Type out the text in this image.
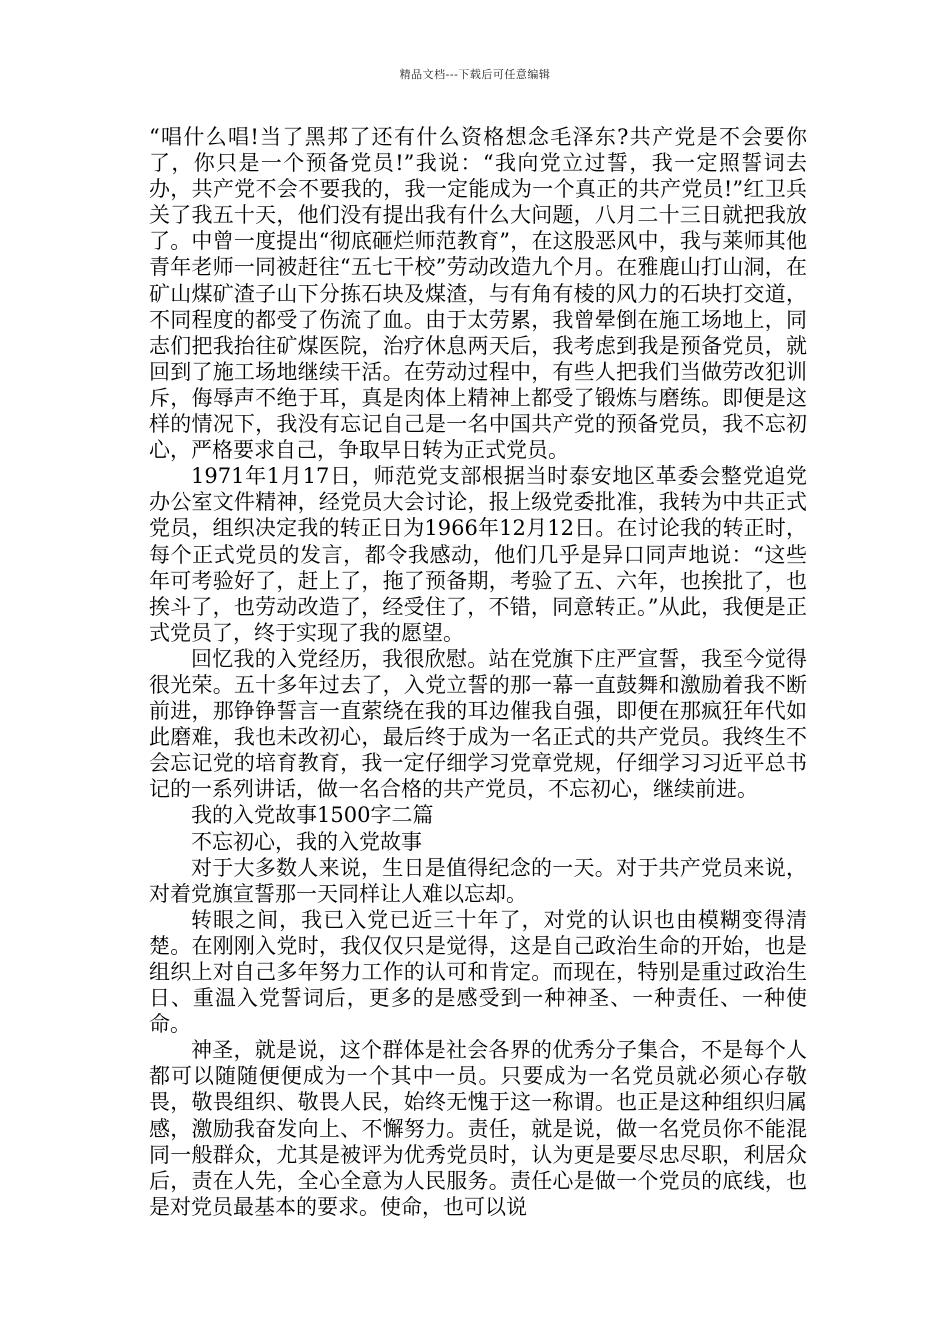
精品文档---下载后可任意编辑

“唱什么唱!当了黑邦了还有什么资格想念毛泽东?共产党是不会要你了，你只是一个预备党员!”我说：“我向党立过誓，我一定照誓词去办，共产党不会不要我的，我一定能成为一个真正的共产党员!”红卫兵关了我五十天，他们没有提出我有什么大问题，八月二十三日就把我放了。中曾一度提出“彻底砸烂师范教育”，在这股恶风中，我与莱师其他青年老师一同被赶往“五七干校”劳动改造九个月。在雅鹿山打山洞，在矿山煤矿渣子山下分拣石块及煤渣，与有角有棱的风力的石块打交道，不同程度的都受了伤流了血。由于太劳累，我曾晕倒在施工场地上，同志们把我抬往矿煤医院，治疗休息两天后，我考虑到我是预备党员，就回到了施工场地继续干活。在劳动过程中，有些人把我们当做劳改犯训斥，侮辱声不绝于耳，真是肉体上精神上都受了锻炼与磨练。即便是这样的情况下，我没有忘记自己是一名中国共产党的预备党员，我不忘初心，严格要求自己，争取早日转为正式党员。

1971年1月17日，师范党支部根据当时泰安地区革委会整党追党办公室文件精神，经党员大会讨论，报上级党委批准，我转为中共正式党员，组织决定我的转正日为1966年12月12日。在讨论我的转正时，每个正式党员的发言，都令我感动，他们几乎是异口同声地说：“这些年可考验好了，赶上了，拖了预备期，考验了五、六年，也挨批了，也挨斗了，也劳动改造了，经受住了，不错，同意转正。”从此，我便是正式党员了，终于实现了我的愿望。

回忆我的入党经历，我很欣慰。站在党旗下庄严宣誓，我至今觉得很光荣。五十多年过去了，入党立誓的那一幕一直鼓舞和激励着我不断前进，那铮铮誓言一直萦绕在我的耳边催我自强，即便在那疯狂年代如此磨难，我也未改初心，最后终于成为一名正式的共产党员。我终生不会忘记党的培育教育，我一定仔细学习党章党规，仔细学习习近平总书记的一系列讲话，做一名合格的共产党员，不忘初心，继续前进。

我的入党故事1500字二篇

不忘初心，我的入党故事

对于大多数人来说，生日是值得纪念的一天。对于共产党员来说，对着党旗宣誓那一天同样让人难以忘却。

转眼之间，我已入党已近三十年了，对党的认识也由模糊变得清楚。在刚刚入党时，我仅仅只是觉得，这是自己政治生命的开始，也是组织上对自己多年努力工作的认可和肯定。而现在，特别是重过政治生日、重温入党誓词后，更多的是感受到一种神圣、一种责任、一种使命。

神圣，就是说，这个群体是社会各界的优秀分子集合，不是每个人都可以随随便便成为一个其中一员。只要成为一名党员就必须心存敬畏，敬畏组织、敬畏人民，始终无愧于这一称谓。也正是这种组织归属感，激励我奋发向上、不懈努力。责任，就是说，做一名党员你不能混同一般群众，尤其是被评为优秀党员时，认为更是要尽忠尽职，利居众后，责在人先，全心全意为人民服务。责任心是做一个党员的底线，也是对党员最基本的要求。使命，也可以说
